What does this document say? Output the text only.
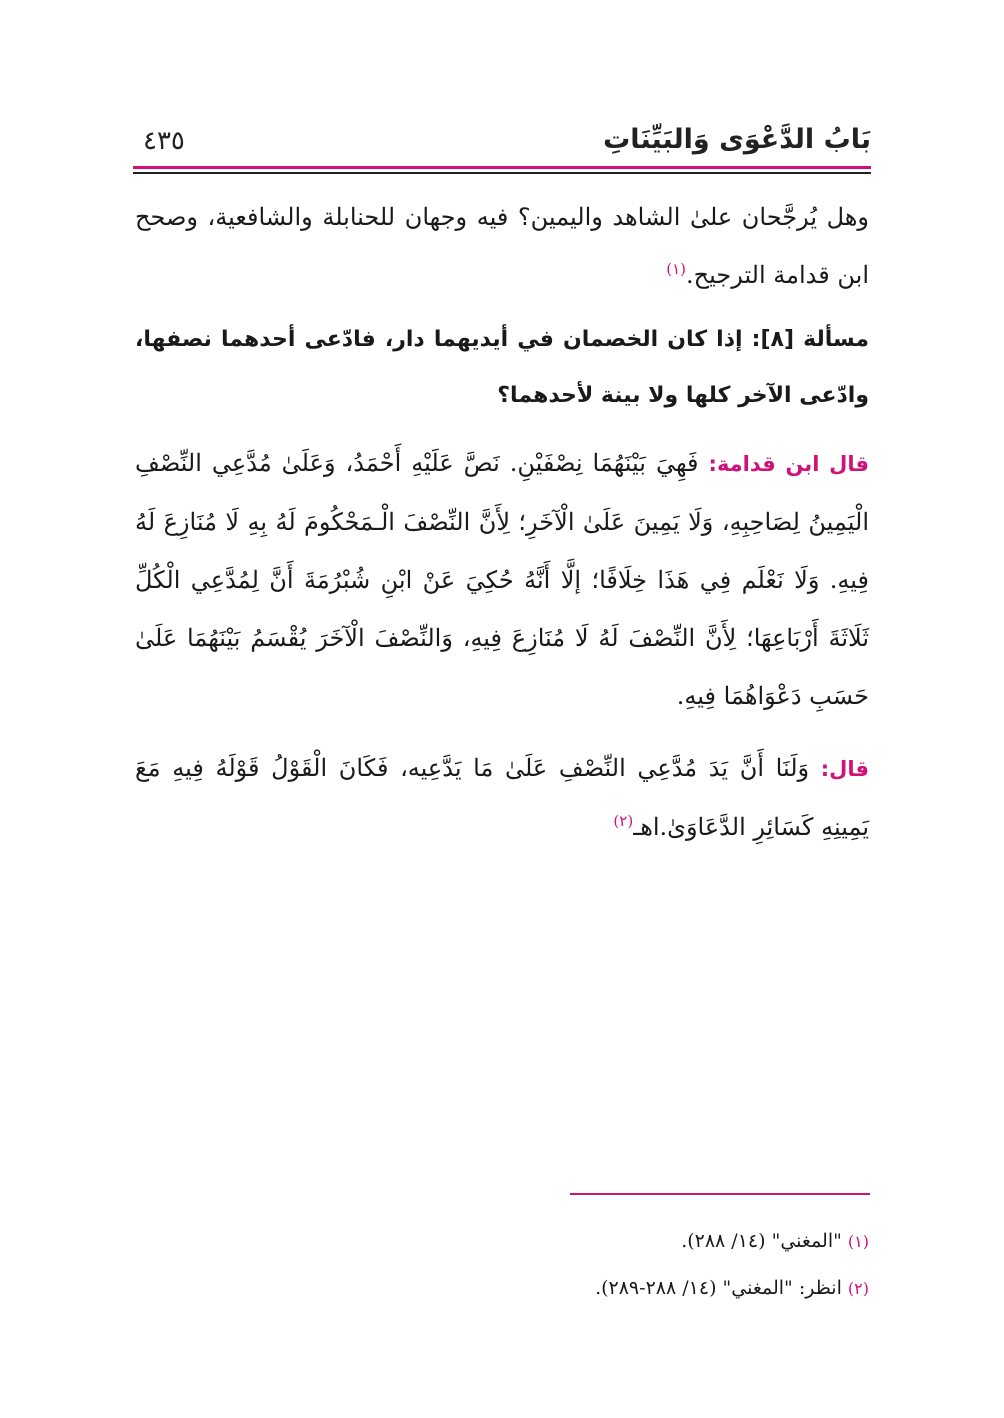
بَابُ الدَّعْوَى وَالبَيِّنَاتِ
٤٣٥

وهل يُرجَّحان علىٰ الشاهد واليمين؟ فيه وجهان للحنابلة والشافعية، وصحح ابن قدامة الترجيح.$^{(١)}$

مسألة [٨]: إذا كان الخصمان في أيديهما دار، فادّعى أحدهما نصفها، وادّعى الآخر كلها ولا بينة لأحدهما؟

قال ابن قدامة: فَهِيَ بَيْنَهُمَا نِصْفَيْنِ. نَصَّ عَلَيْهِ أَحْمَدُ، وَعَلَىٰ مُدَّعِي النِّصْفِ الْيَمِينُ لِصَاحِبِهِ، وَلَا يَمِينَ عَلَىٰ الْآخَرِ؛ لِأَنَّ النِّصْفَ الْـمَحْكُومَ لَهُ بِهِ لَا مُنَازِعَ لَهُ فِيهِ. وَلَا نَعْلَم فِي هَذَا خِلَافًا؛ إلَّا أَنَّهُ حُكِيَ عَنْ ابْنِ شُبْرُمَةَ أَنَّ لِمُدَّعِي الْكُلِّ ثَلَاثَةَ أَرْبَاعِهَا؛ لِأَنَّ النِّصْفَ لَهُ لَا مُنَازِعَ فِيهِ، وَالنِّصْفَ الْآخَرَ يُقْسَمُ بَيْنَهُمَا عَلَىٰ حَسَبِ دَعْوَاهُمَا فِيهِ.

قال: وَلَنَا أَنَّ يَدَ مُدَّعِي النِّصْفِ عَلَىٰ مَا يَدَّعِيه، فَكَانَ الْقَوْلُ قَوْلَهُ فِيهِ مَعَ يَمِينِهِ كَسَائِرِ الدَّعَاوَىٰ.اهـ$^{(٢)}$

(١) "المغني" (١٤/ ٢٨٨).

(٢) انظر: "المغني" (١٤/ ٢٨٨-٢٨٩).
